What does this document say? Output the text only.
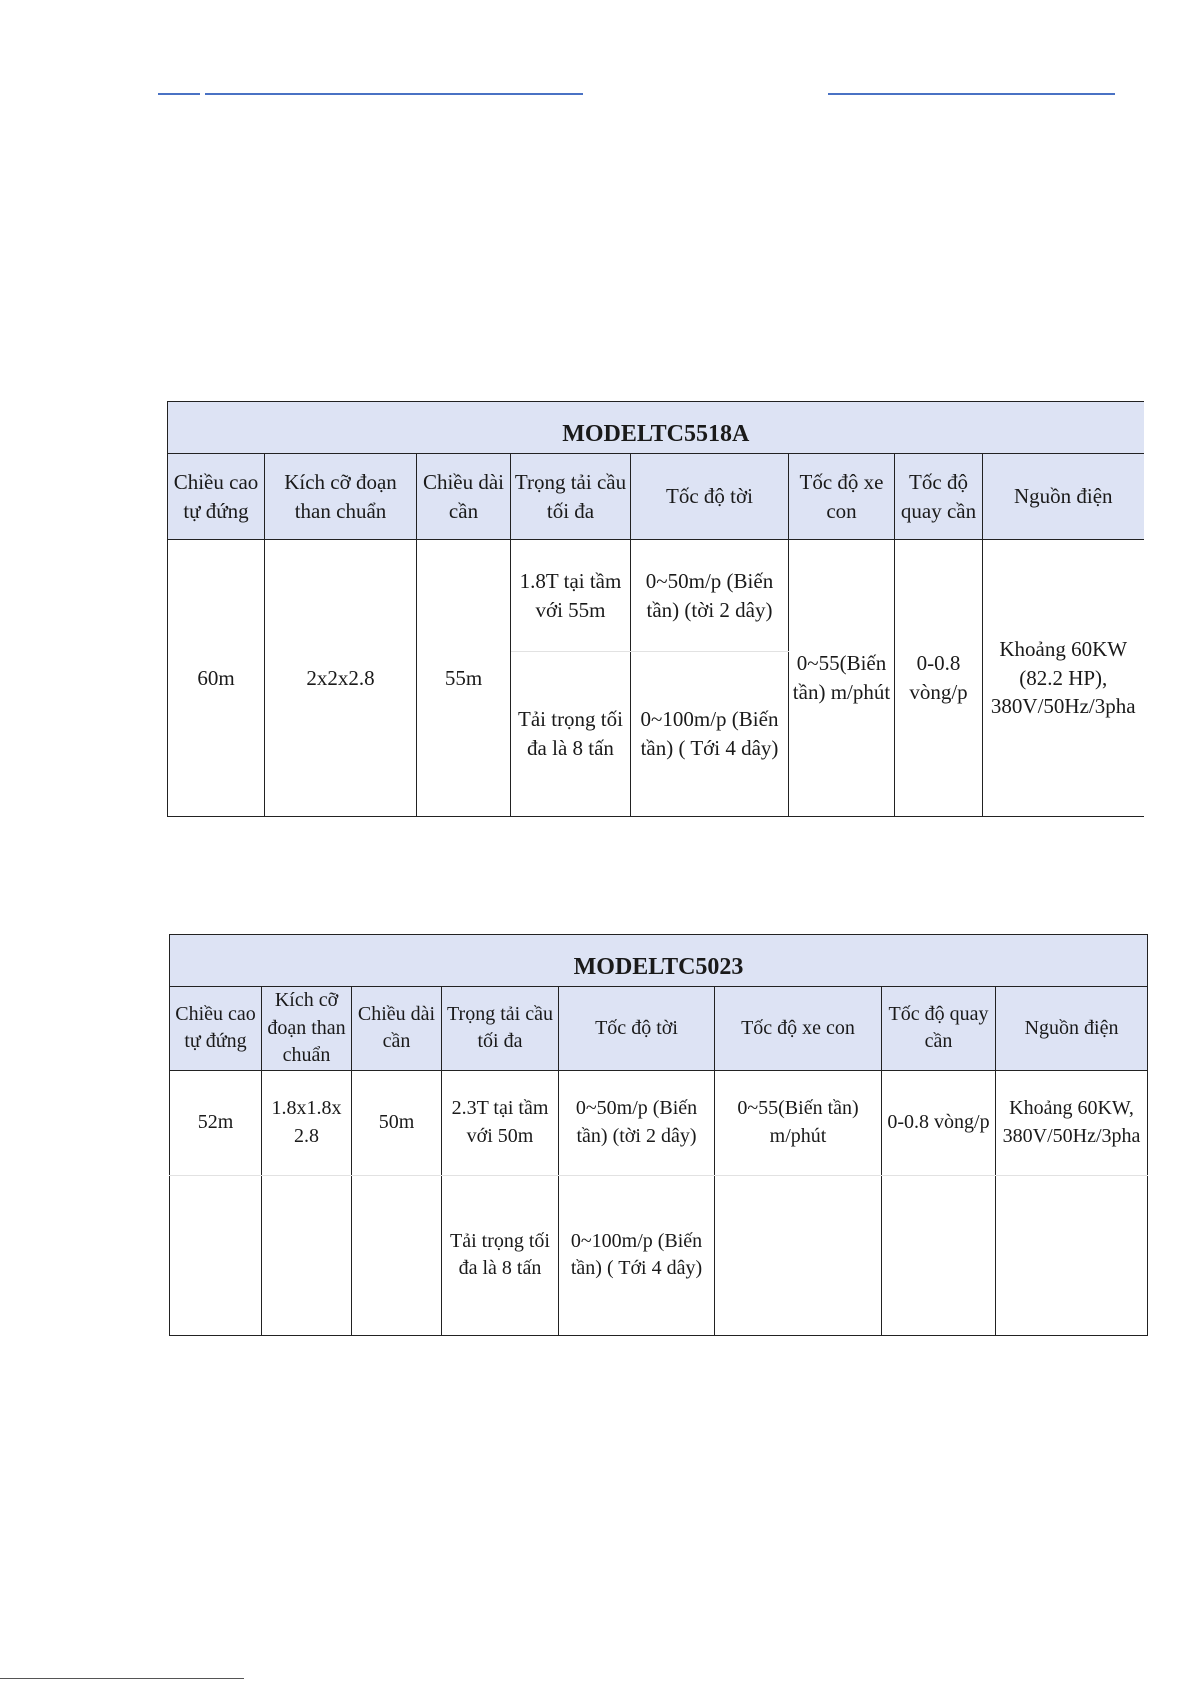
MODELTC5518A							
Chiều cao tự đứng	Kích cỡ đoạn than chuẩn	Chiều dài cần	Trọng tải cầu tối đa	Tốc độ tời	Tốc độ xe con	Tốc độ quay cần	Nguồn điện
60m	2x2x2.8	55m	1.8T tại tầm với 55m	0~50m/p (Biến tần) (tời 2 dây)	0~55(Biến tần) m/phút	0-0.8 vòng/p	Khoảng 60KW (82.2 HP), 380V/50Hz/3pha
			Tải trọng tối đa là 8 tấn	0~100m/p (Biến tần) ( Tới 4 dây)			
MODELTC5023							
Chiều cao tự đứng	Kích cỡ đoạn than chuẩn	Chiều dài cần	Trọng tải cầu tối đa	Tốc độ tời	Tốc độ xe con	Tốc độ quay cần	Nguồn điện
52m	1.8x1.8x 2.8	50m	2.3T tại tầm với 50m	0~50m/p (Biến tần) (tời 2 dây)	0~55(Biến tần) m/phút	0-0.8 vòng/p	Khoảng 60KW, 380V/50Hz/3pha
			Tải trọng tối đa là 8 tấn	0~100m/p (Biến tần) ( Tới 4 dây)			
